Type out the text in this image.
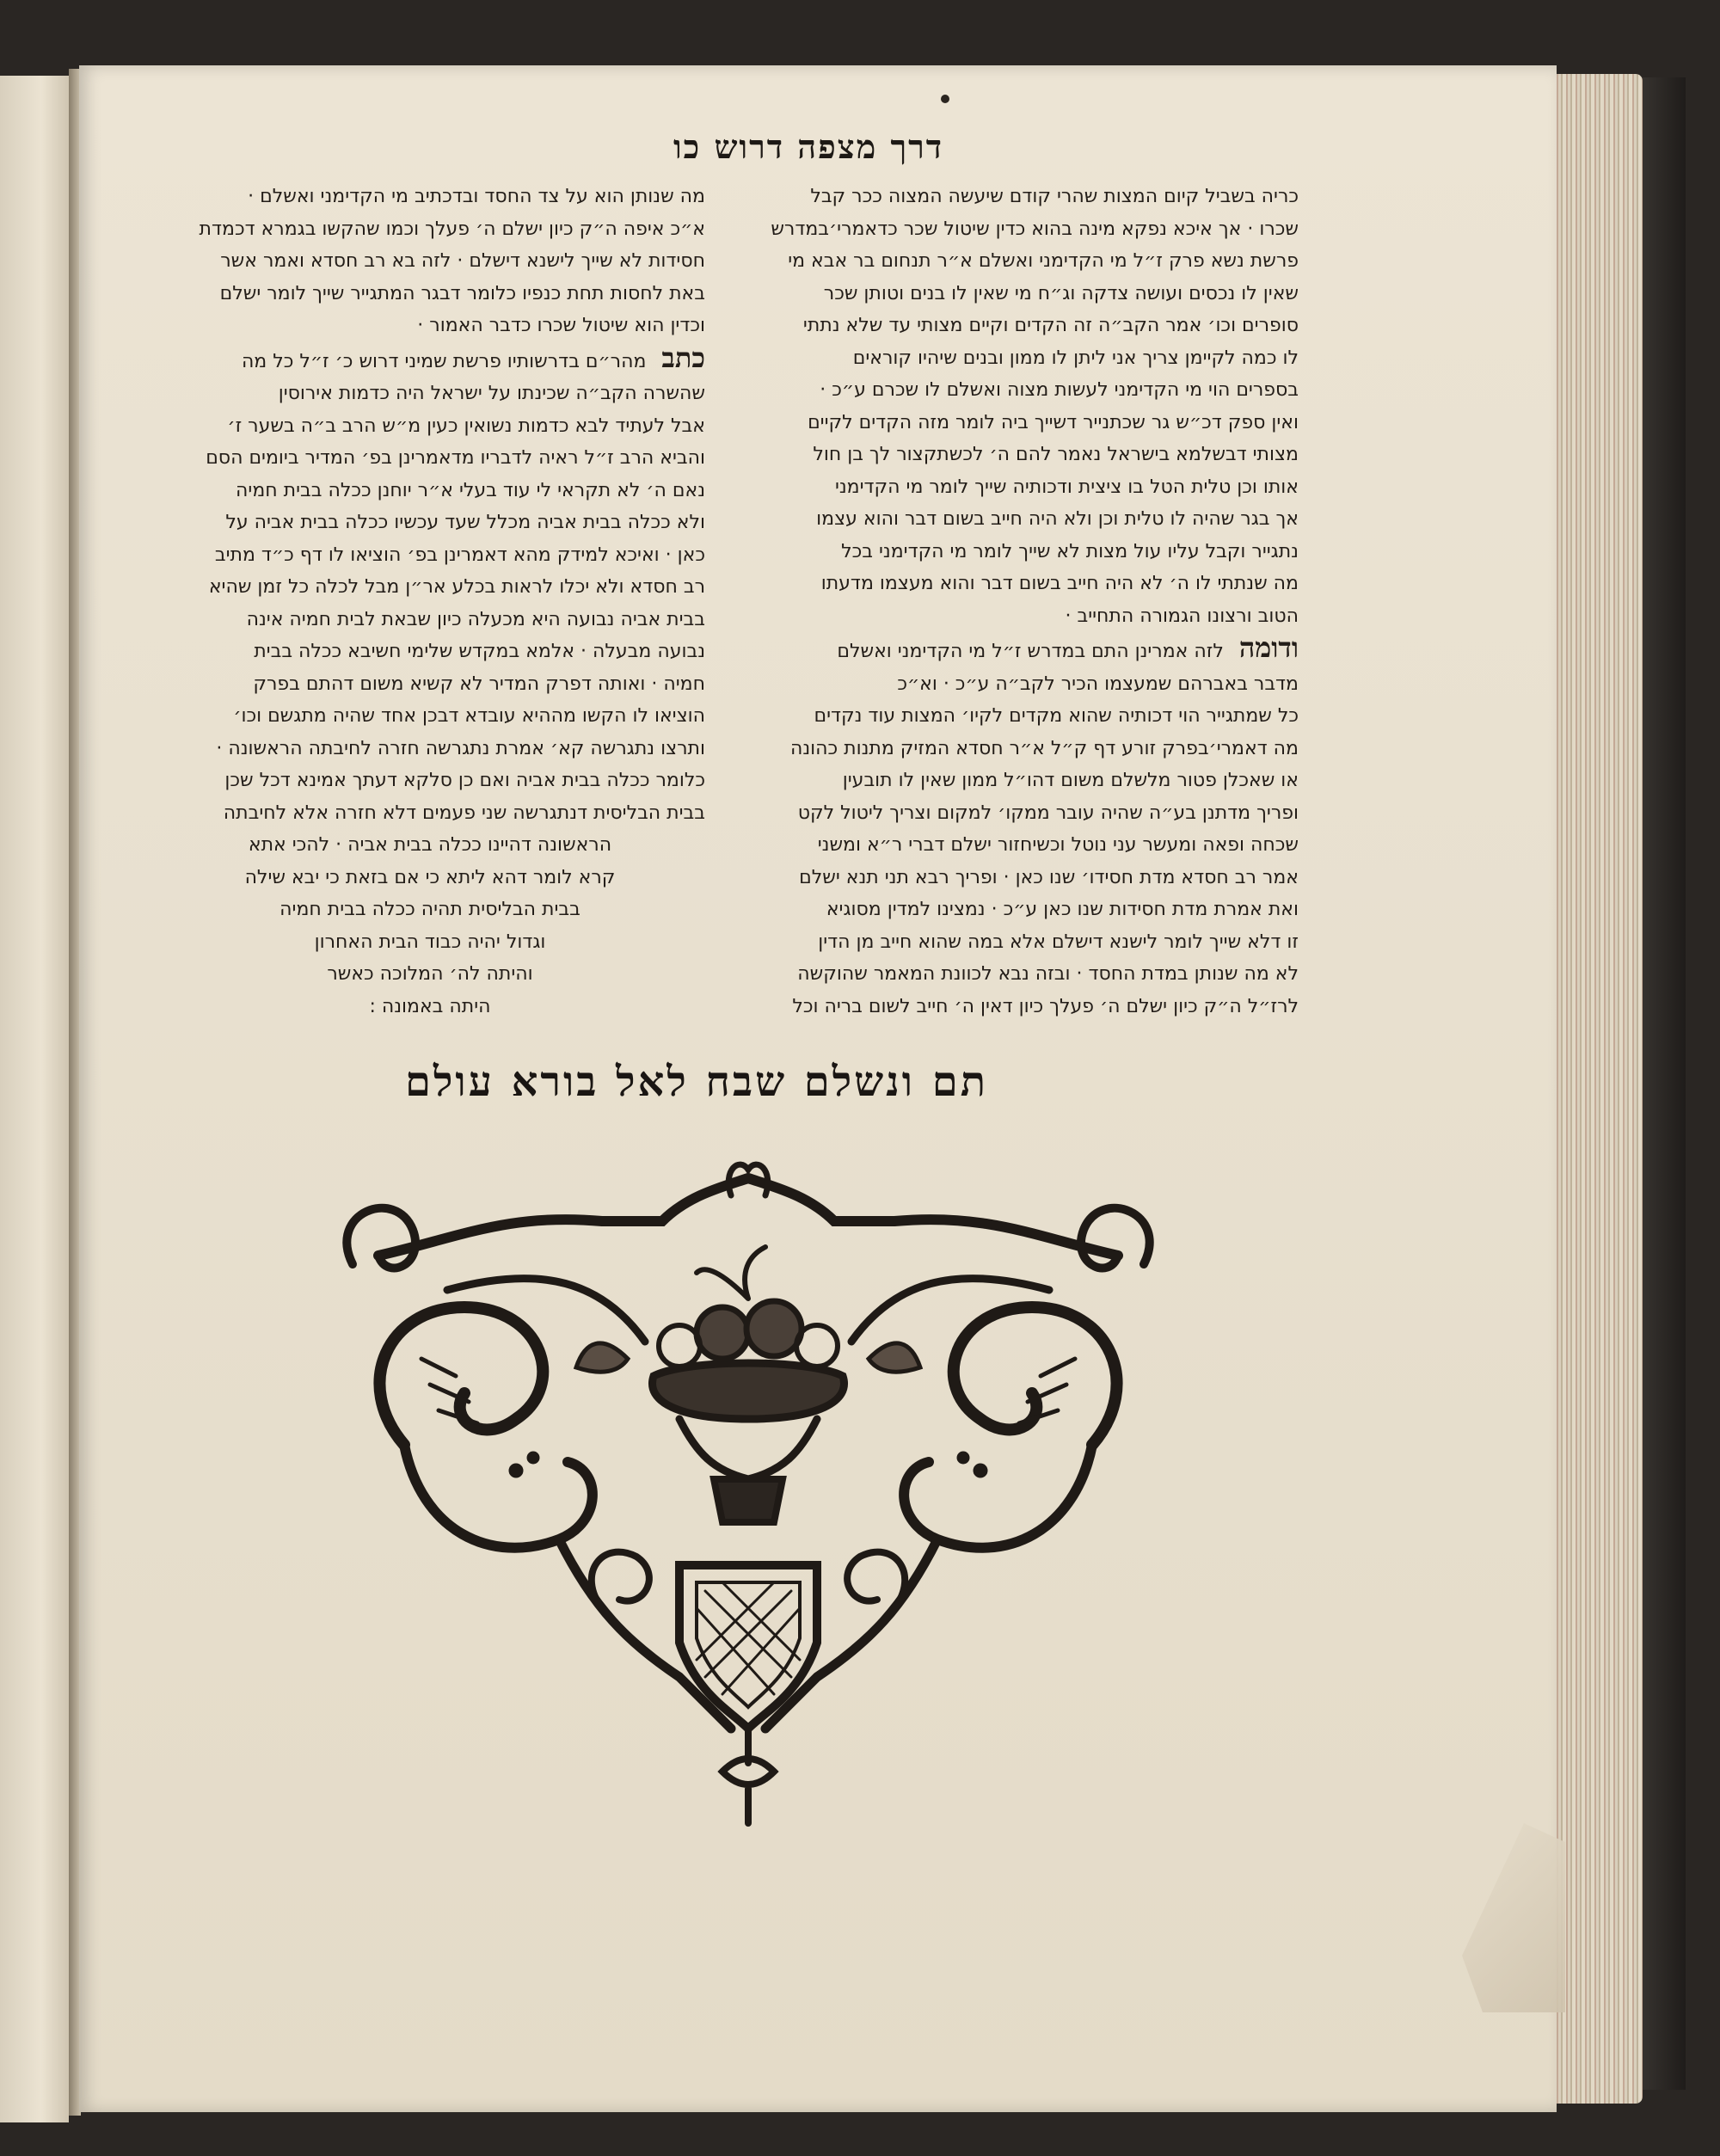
דרך מצפה דרוש כו

כריה בשביל קיום המצות שהרי קודם שיעשה המצוה ככר קבל

שכרו · אך איכא נפקא מינה בהוא כדין שיטול שכר כדאמרי׳במדרש

פרשת נשא פרק ז״ל מי הקדימני ואשלם א״ר תנחום בר אבא מי

שאין לו נכסים ועושה צדקה וג״ח מי שאין לו בנים וטותן שכר

סופרים וכו׳ אמר הקב״ה זה הקדים וקיים מצותי עד שלא נתתי

לו כמה לקיימן צריך אני ליתן לו ממון ובנים שיהיו קוראים

בספרים הוי מי הקדימני לעשות מצוה ואשלם לו שכרם ע״כ ·

ואין ספק דכ״ש גר שכתנייר דשייך ביה לומר מזה הקדים לקיים

מצותי דבשלמא בישראל נאמר להם ה׳ לכשתקצור לך בן חול

אותו וכן טלית הטל בו ציצית ודכותיה שייך לומר מי הקדימני

אך בגר שהיה לו טלית וכן ולא היה חייב בשום דבר והוא עצמו

נתגייר וקבל עליו עול מצות לא שייך לומר מי הקדימני בכל

מה שנתתי לו ה׳ לא היה חייב בשום דבר והוא מעצמו מדעתו

הטוב ורצונו הגמורה התחייב ·

ודומהלזה אמרינן התם במדרש ז״ל מי הקדימני ואשלם

מדבר באברהם שמעצמו הכיר לקב״ה ע״כ · וא״כ

כל שמתגייר הוי דכותיה שהוא מקדים לקיו׳ המצות עוד נקדים

מה דאמרי׳בפרק זורע דף ק״ל א״ר חסדא המזיק מתנות כהונה

או שאכלן פטור מלשלם משום דהו״ל ממון שאין לו תובעין

ופריך מדתנן בע״ה שהיה עובר ממקו׳ למקום וצריך ליטול לקט

שכחה ופאה ומעשר עני נוטל וכשיחזור ישלם דברי ר״א ומשני

אמר רב חסדא מדת חסידו׳ שנו כאן · ופריך רבא תני תנא ישלם

ואת אמרת מדת חסידות שנו כאן ע״כ · נמצינו למדין מסוגיא

זו דלא שייך לומר לישנא דישלם אלא במה שהוא חייב מן הדין

לא מה שנותן במדת החסד · ובזה נבא לכוונת המאמר שהוקשה

לרז״ל ה״ק כיון ישלם ה׳ פעלך כיון דאין ה׳ חייב לשום בריה וכל

מה שנותן הוא על צד החסד ובדכתיב מי הקדימני ואשלם ·

א״כ איפה ה״ק כיון ישלם ה׳ פעלך וכמו שהקשו בגמרא דכמדת

חסידות לא שייך לישנא דישלם · לזה בא רב חסדא ואמר אשר

באת לחסות תחת כנפיו כלומר דבגר המתגייר שייך לומר ישלם

וכדין הוא שיטול שכרו כדבר האמור ·

כתבמהר״ם בדרשותיו פרשת שמיני דרוש כ׳ ז״ל כל מה

שהשרה הקב״ה שכינתו על ישראל היה כדמות אירוסין

אבל לעתיד לבא כדמות נשואין כעין מ״ש הרב ב״ה בשער ז׳

והביא הרב ז״ל ראיה לדבריו מדאמרינן בפ׳ המדיר ביומים הסם

נאם ה׳ לא תקראי לי עוד בעלי א״ר יוחנן ככלה בבית חמיה

ולא ככלה בבית אביה מכלל שעד עכשיו ככלה בבית אביה על

כאן · ואיכא למידק מהא דאמרינן בפ׳ הוציאו לו דף כ״ד מתיב

רב חסדא ולא יכלו לראות בכלע אר״ן מבל לכלה כל זמן שהיא

בבית אביה נבועה היא מכעלה כיון שבאת לבית חמיה אינה

נבועה מבעלה · אלמא במקדש שלימי חשיבא ככלה בבית

חמיה · ואותה דפרק המדיר לא קשיא משום דהתם בפרק

הוציאו לו הקשו מההיא עובדא דבכן אחד שהיה מתגשם וכו׳

ותרצו נתגרשה קא׳ אמרת נתגרשה חזרה לחיבתה הראשונה ·

כלומר ככלה בבית אביה ואם כן סלקא דעתך אמינא דכל שכן

בבית הבליסית דנתגרשה שני פעמים דלא חזרה אלא לחיבתה

הראשונה דהיינו ככלה בבית אביה · להכי אתא

קרא לומר דהא ליתא כי אם בזאת כי יבא שילה

בבית הבליסית תהיה ככלה בבית חמיה

וגדול יהיה כבוד הבית האחרון

והיתה לה׳ המלוכה כאשר

היתה באמונה :

תם ונשלם שבח לאל בורא עולם
